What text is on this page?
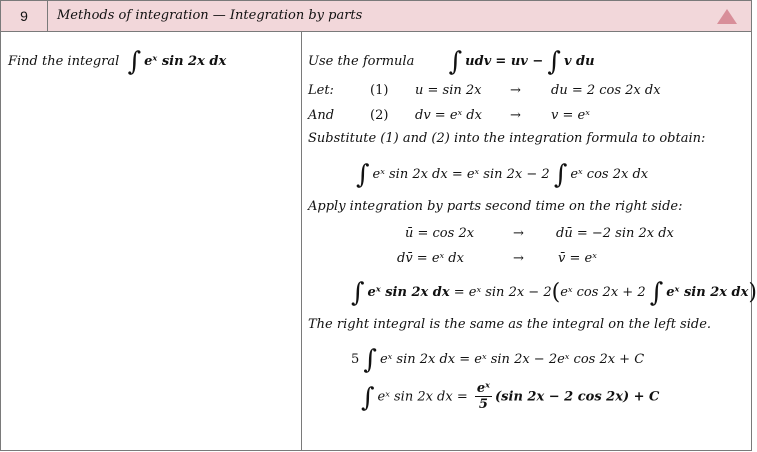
9	Methods of integration — Integration by parts
Find the integral ∫ eˣ sin 2x dx	Use the formula ∫ udv = uv − ∫ v du
Let:	(1) u = sin 2x → du = 2 cos 2x dx
And	(2) dv = eˣ dx → v = eˣ
Substitute (1) and (2) into the integration formula to obtain:
∫ eˣ sin 2x dx = eˣ sin 2x − 2 ∫ eˣ cos 2x dx
Apply integration by parts second time on the right side:
ū = cos 2x	→ dū = −2 sin 2x dx
dv̄ = eˣ dx	→	v̄ = eˣ
∫ eˣ sin 2x dx = eˣ sin 2x − 2(eˣ cos 2x + 2 ∫ eˣ sin 2x dx)
The right integral is the same as the integral on the left side.
5 ∫ eˣ sin 2x dx = eˣ sin 2x − 2eˣ cos 2x + C
∫ eˣ sin 2x dx = $\frac{\text{eˣ}}{5} (\sin$ 2x − 2 cos 2x) + C
